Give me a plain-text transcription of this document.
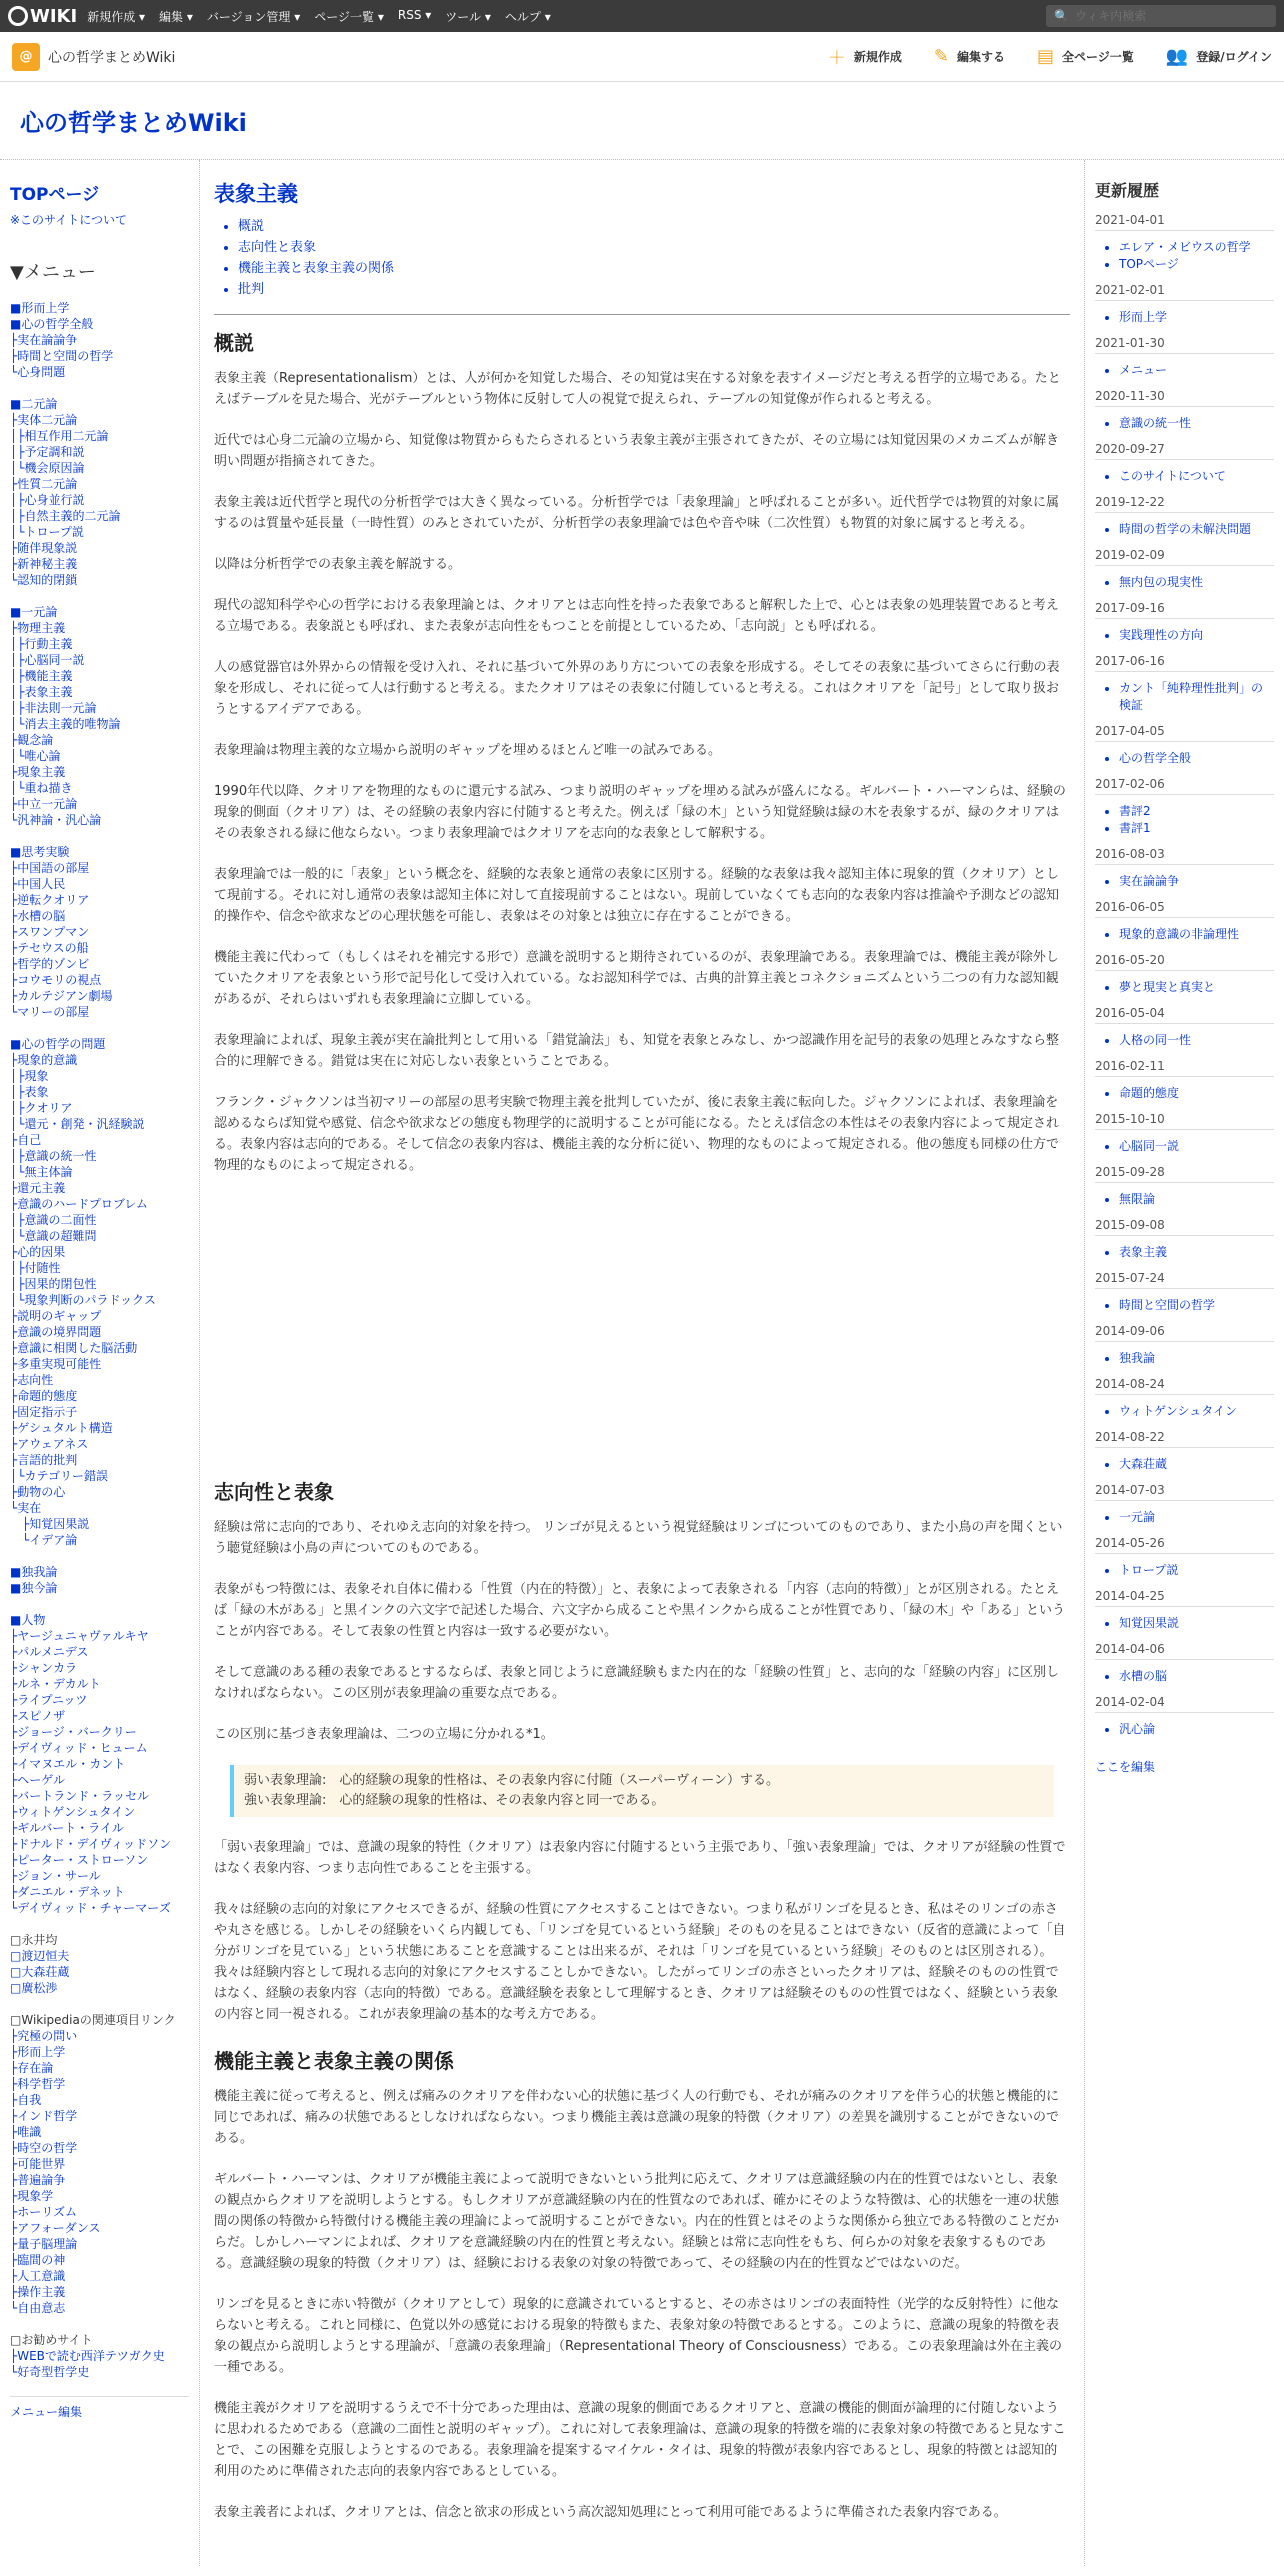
WIKI 新規作成 ▾ 編集 ▾ バージョン管理 ▾ ページ一覧 ▾ RSS ▾ ツール ▾ ヘルプ ▾	🔍
ウィキ内検索
@	心の哲学まとめWiki	＋ 新規作成 ✎ 編集する ▤ 全ページ一覧 👥 登録/ログイン
心の哲学まとめWiki
TOPページ
※このサイトについて
▼メニュー
■形而上学
■心の哲学全般
├実在論論争
├時間と空間の哲学
└心身問題
■二元論
├実体二元論
│├相互作用二元論
│├予定調和説
│└機会原因論
├性質二元論
│├心身並行説
│├自然主義的二元論
│└トロープ説
├随伴現象説
├新神秘主義
└認知的閉鎖
■一元論
├物理主義
│├行動主義
│├心脳同一説
│├機能主義
│├表象主義
│├非法則一元論
│└消去主義的唯物論
├観念論
│└唯心論
├現象主義
│└重ね描き
├中立一元論
└汎神論・汎心論
■思考実験
├中国語の部屋
├中国人民
├逆転クオリア
├水槽の脳
├スワンプマン
├テセウスの船
├哲学的ゾンビ
├コウモリの視点
├カルテジアン劇場
└マリーの部屋
■心の哲学の問題
├現象的意識
│├現象
│├表象
│├クオリア
│└還元・創発・汎経験説
├自己
│├意識の統一性
│└無主体論
├還元主義
├意識のハードプロブレム
│├意識の二面性
│└意識の超難問
├心的因果
│├付随性
│├因果的閉包性
│└現象判断のパラドックス
├説明のギャップ
├意識の境界問題
├意識に相関した脳活動
├多重実現可能性
├志向性
├命題的態度
├固定指示子
├ゲシュタルト構造
├アウェアネス
├言語的批判
│└カテゴリー錯誤
├動物の心
└実在
　├知覚因果説
　└イデア論
■独我論
■独今論
■人物
├ヤージュニャヴァルキヤ
├パルメニデス
├シャンカラ
├ルネ・デカルト
├ライプニッツ
├スピノザ
├ジョージ・バークリー
├デイヴィッド・ヒューム
├イマヌエル・カント
├ヘーゲル
├バートランド・ラッセル
├ウィトゲンシュタイン
├ギルバート・ライル
├ドナルド・デイヴィッドソン
├ピーター・ストローソン
├ジョン・サール
├ダニエル・デネット
└デイヴィッド・チャーマーズ
□永井均
□渡辺恒夫
□大森荘蔵
□廣松渉
□Wikipediaの関連項目リンク
├究極の問い
├形而上学
├存在論
├科学哲学
├自我
├インド哲学
├唯識
├時空の哲学
├可能世界
├普遍論争
├現象学
├ホーリズム
├アフォーダンス
├量子脳理論
├臨間の神
├人工意識
├操作主義
└自由意志
□お勧めサイト
├WEBで読む西洋テツガク史
└好奇型哲学史
メニュー編集
表象主義
• 概説
• 志向性と表象
• 機能主義と表象主義の関係
• 批判
概説

表象主義（Representationalism）とは、人が何かを知覚した場合、その知覚は実在する対象を表すイメージだと考える哲学的立場である。たとえばテーブルを見た場合、光がテーブルという物体に反射して人の視覚で捉えられ、テーブルの知覚像が作られると考える。

近代では心身二元論の立場から、知覚像は物質からもたらされるという表象主義が主張されてきたが、その立場には知覚因果のメカニズムが解き明い問題が指摘されてきた。

表象主義は近代哲学と現代の分析哲学では大きく異なっている。分析哲学では「表象理論」と呼ばれることが多い。近代哲学では物質的対象に属するのは質量や延長量（一時性質）のみとされていたが、分析哲学の表象理論では色や音や味（二次性質）も物質的対象に属すると考える。

以降は分析哲学での表象主義を解説する。

現代の認知科学や心の哲学における表象理論とは、クオリアとは志向性を持った表象であると解釈した上で、心とは表象の処理装置であると考える立場である。表象説とも呼ばれ、また表象が志向性をもつことを前提としているため、「志向説」とも呼ばれる。

人の感覚器官は外界からの情報を受け入れ、それに基づいて外界のあり方についての表象を形成する。そしてその表象に基づいてさらに行動の表象を形成し、それに従って人は行動すると考える。またクオリアはその表象に付随していると考える。これはクオリアを「記号」として取り扱おうとするアイデアである。

表象理論は物理主義的な立場から説明のギャップを埋めるほとんど唯一の試みである。

1990年代以降、クオリアを物理的なものに還元する試み、つまり説明のギャップを埋める試みが盛んになる。ギルバート・ハーマンらは、経験の現象的側面（クオリア）は、その経験の表象内容に付随すると考えた。例えば「緑の木」という知覚経験は緑の木を表象するが、緑のクオリアはその表象される緑に他ならない。つまり表象理論ではクオリアを志向的な表象として解釈する。

表象理論では一般的に「表象」という概念を、経験的な表象と通常の表象に区別する。経験的な表象は我々認知主体に現象的質（クオリア）として現前する。それに対し通常の表象は認知主体に対して直接現前することはない。現前していなくても志向的な表象内容は推論や予測などの認知的操作や、信念や欲求などの心理状態を可能し、表象はその対象とは独立に存在することができる。

機能主義に代わって（もしくはそれを補完する形で）意識を説明すると期待されているのが、表象理論である。表象理論では、機能主義が除外していたクオリアを表象という形で記号化して受け入れている。なお認知科学では、古典的計算主義とコネクショニズムという二つの有力な認知観があるが、それらはいずれも表象理論に立脚している。

表象理論によれば、現象主義が実在論批判として用いる「錯覚論法」も、知覚を表象とみなし、かつ認識作用を記号的表象の処理とみなすなら整合的に理解できる。錯覚は実在に対応しない表象ということである。

フランク・ジャクソンは当初マリーの部屋の思考実験で物理主義を批判していたが、後に表象主義に転向した。ジャクソンによれば、表象理論を認めるならば知覚や感覚、信念や欲求などの態度も物理学的に説明することが可能になる。たとえば信念の本性はその表象内容によって規定される。表象内容は志向的である。そして信念の表象内容は、機能主義的な分析に従い、物理的なものによって規定される。他の態度も同様の仕方で物理的なものによって規定される。

志向性と表象

経験は常に志向的であり、それゆえ志向的対象を持つ。 リンゴが見えるという視覚経験はリンゴについてのものであり、また小鳥の声を聞くという聴覚経験は小鳥の声についてのものである。

表象がもつ特徴には、表象それ自体に備わる「性質（内在的特徴）」と、表象によって表象される「内容（志向的特徴）」とが区別される。たとえば「緑の木がある」と黒インクの六文字で記述した場合、六文字から成ることや黒インクから成ることが性質であり、「緑の木」や「ある」ということが内容である。そして表象の性質と内容は一致する必要がない。

そして意識のある種の表象であるとするならば、表象と同じように意識経験もまた内在的な「経験の性質」と、志向的な「経験の内容」に区別しなければならない。この区別が表象理論の重要な点である。

この区別に基づき表象理論は、二つの立場に分かれる*1。

弱い表象理論:　心的経験の現象的性格は、その表象内容に付随（スーパーヴィーン）する。
強い表象理論:　心的経験の現象的性格は、その表象内容と同一である。

「弱い表象理論」では、意識の現象的特性（クオリア）は表象内容に付随するという主張であり、「強い表象理論」では、クオリアが経験の性質ではなく表象内容、つまり志向性であることを主張する。

我々は経験の志向的対象にアクセスできるが、経験の性質にアクセスすることはできない。つまり私がリンゴを見るとき、私はそのリンゴの赤さや丸さを感じる。しかしその経験をいくら内観しても、「リンゴを見ているという経験」そのものを見ることはできない（反省的意識によって「自分がリンゴを見ている」という状態にあることを意識することは出来るが、それは「リンゴを見ているという経験」そのものとは区別される）。我々は経験内容として現れる志向的対象にアクセスすることしかできない。したがってリンゴの赤さといったクオリアは、経験そのものの性質ではなく、経験の表象内容（志向的特徴）である。意識経験を表象として理解するとき、クオリアは経験そのものの性質ではなく、経験という表象の内容と同一視される。これが表象理論の基本的な考え方である。

機能主義と表象主義の関係

機能主義に従って考えると、例えば痛みのクオリアを伴わない心的状態に基づく人の行動でも、それが痛みのクオリアを伴う心的状態と機能的に同じであれば、痛みの状態であるとしなければならない。つまり機能主義は意識の現象的特徴（クオリア）の差異を識別することができないのである。

ギルバート・ハーマンは、クオリアが機能主義によって説明できないという批判に応えて、クオリアは意識経験の内在的性質ではないとし、表象の観点からクオリアを説明しようとする。もしクオリアが意識経験の内在的性質なのであれば、確かにそのような特徴は、心的状態を一連の状態間の関係の特徴から特徴付ける機能主義の理論によって説明することができない。内在的性質とはそのような関係から独立である特徴のことだからだ。しかしハーマンによれば、クオリアを意識経験の内在的性質と考えない。経験とは常に志向性をもち、何らかの対象を表象するものである。意識経験の現象的特徴（クオリア）は、経験における表象の対象の特徴であって、その経験の内在的性質などではないのだ。

リンゴを見るときに赤い特徴が（クオリアとして）現象的に意識されているとすると、その赤さはリンゴの表面特性（光学的な反射特性）に他ならないと考える。これと同様に、色覚以外の感覚における現象的特徴もまた、表象対象の特徴であるとする。このように、意識の現象的特徴を表象の観点から説明しようとする理論が、「意識の表象理論」（Representational Theory of Consciousness）である。この表象理論は外在主義の一種である。

機能主義がクオリアを説明するうえで不十分であった理由は、意識の現象的側面であるクオリアと、意識の機能的側面が論理的に付随しないように思われるためである（意識の二面性と説明のギャップ）。これに対して表象理論は、意識の現象的特徴を端的に表象対象の特徴であると見なすことで、この困難を克服しようとするのである。表象理論を提案するマイケル・タイは、現象的特徴が表象内容であるとし、現象的特徴とは認知的利用のために準備された志向的表象内容であるとしている。

表象主義者によれば、クオリアとは、信念と欲求の形成という高次認知処理にとって利用可能であるように準備された表象内容である。

更新履歴
2021-04-01
• エレア・メビウスの哲学
• TOPページ
2021-02-01
• 形而上学
2021-01-30
• メニュー
2020-11-30
• 意識の統一性
2020-09-27
• このサイトについて
2019-12-22
• 時間の哲学の未解決問題
2019-02-09
• 無内包の現実性
2017-09-16
• 実践理性の方向
2017-06-16
• カント「純粋理性批判」の検証
2017-04-05
• 心の哲学全般
2017-02-06
• 書評2
• 書評1
2016-08-03
• 実在論論争
2016-06-05
• 現象的意識の非論理性
2016-05-20
• 夢と現実と真実と
2016-05-04
• 人格の同一性
2016-02-11
• 命題的態度
2015-10-10
• 心脳同一説
2015-09-28
• 無限論
2015-09-08
• 表象主義
2015-07-24
• 時間と空間の哲学
2014-09-06
• 独我論
2014-08-24
• ウィトゲンシュタイン
2014-08-22
• 大森荘蔵
2014-07-03
• 一元論
2014-05-26
• トロープ説
2014-04-25
• 知覚因果説
2014-04-06
• 水槽の脳
2014-02-04
• 汎心論
ここを編集
